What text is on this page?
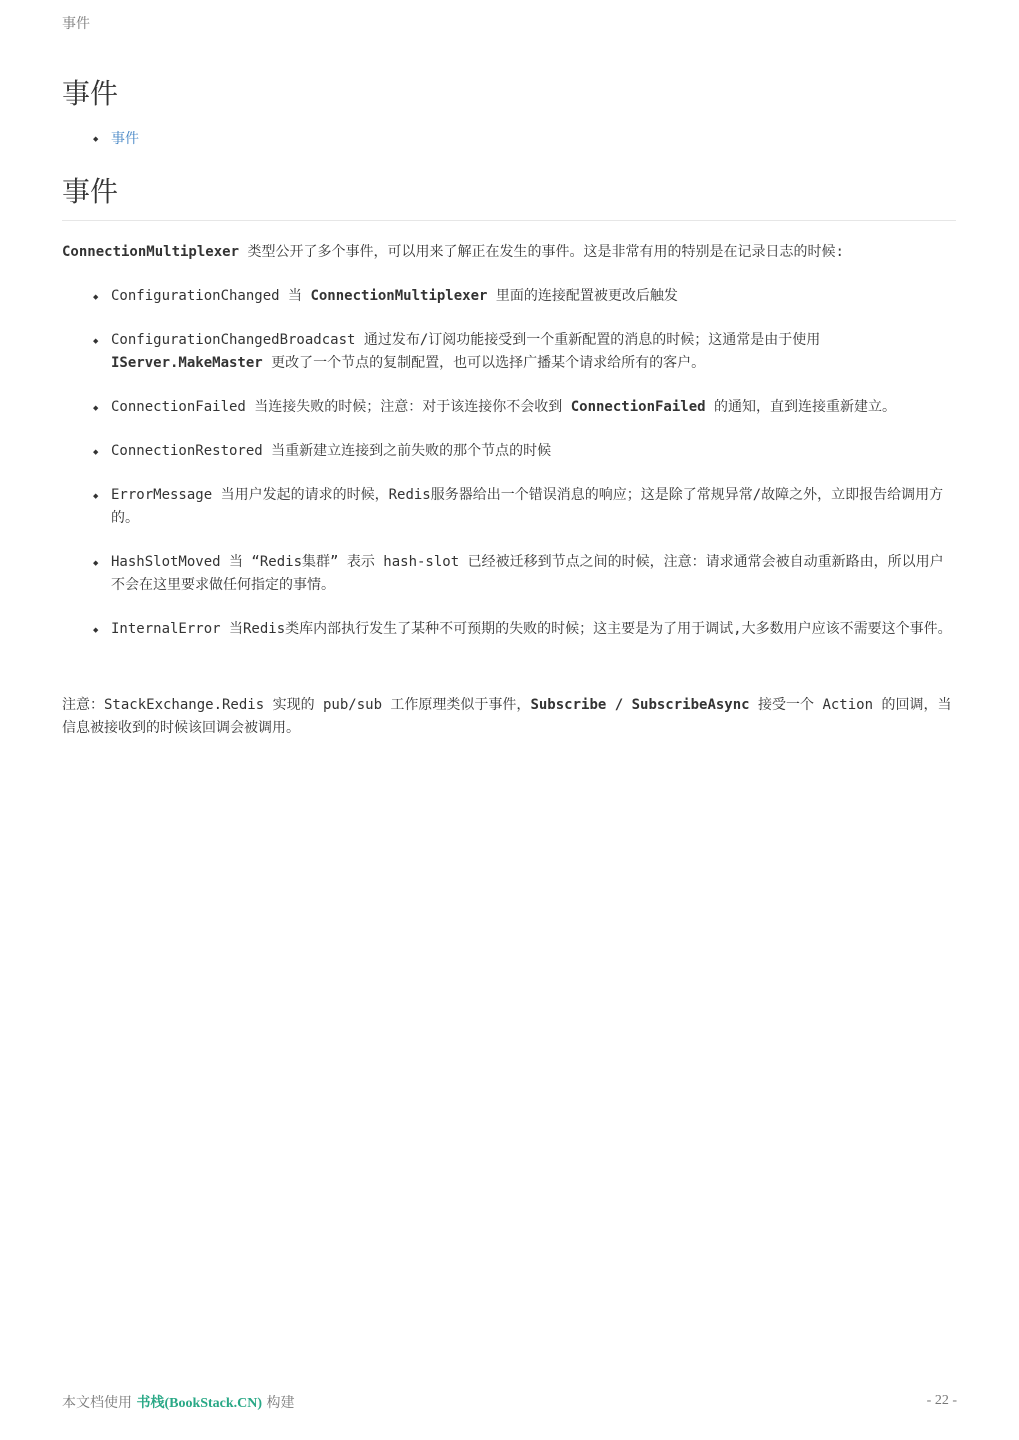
事件
事件
◆ 事件
事件

ConnectionMultiplexer 类型公开了多个事件，可以用来了解正在发生的事件。这是非常有用的特别是在记录日志的时候:

◆ ConfigurationChanged 当 ConnectionMultiplexer 里面的连接配置被更改后触发
◆ ConfigurationChangedBroadcast 通过发布/订阅功能接受到一个重新配置的消息的时候；这通常是由于使用 IServer.MakeMaster 更改了一个节点的复制配置，也可以选择广播某个请求给所有的客户。
◆ ConnectionFailed 当连接失败的时候；注意：对于该连接你不会收到 ConnectionFailed 的通知，直到连接重新建立。
◆ ConnectionRestored 当重新建立连接到之前失败的那个节点的时候
◆ ErrorMessage 当用户发起的请求的时候，Redis服务器给出一个错误消息的响应；这是除了常规异常/故障之外，立即报告给调用方的。
◆ HashSlotMoved 当 “Redis集群” 表示 hash-slot 已经被迁移到节点之间的时候，注意：请求通常会被自动重新路由，所以用户不会在这里要求做任何指定的事情。
◆ InternalError 当Redis类库内部执行发生了某种不可预期的失败的时候；这主要是为了用于调试,大多数用户应该不需要这个事件。

注意：StackExchange.Redis 实现的 pub/sub 工作原理类似于事件，Subscribe / SubscribeAsync 接受一个 Action 的回调，当信息被接收到的时候该回调会被调用。

本文档使用 书栈(BookStack.CN) 构建	- 22 -
